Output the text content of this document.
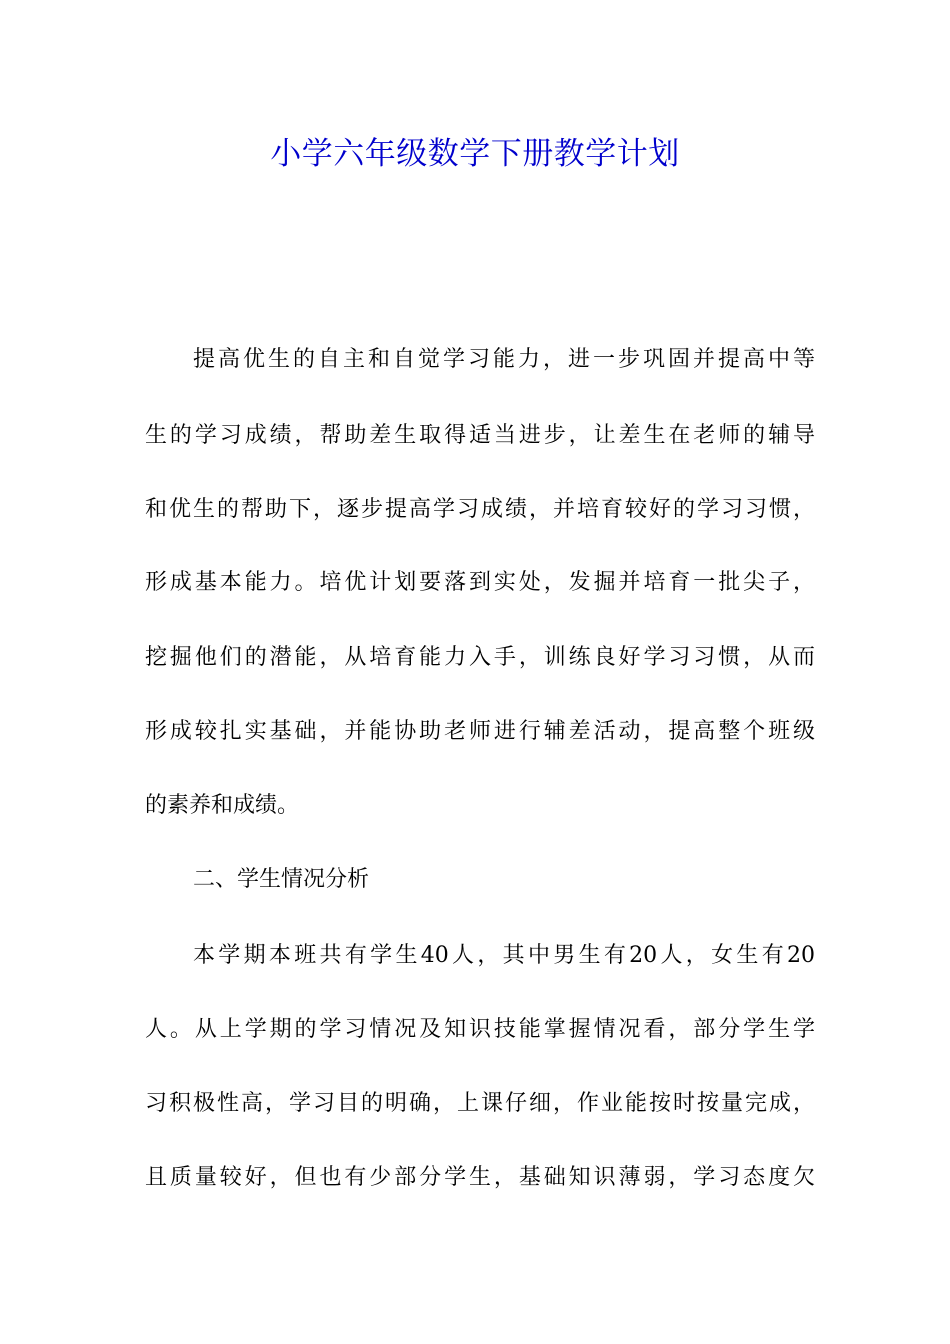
小学六年级数学下册教学计划

提高优生的自主和自觉学习能力，进一步巩固并提高中等

生的学习成绩，帮助差生取得适当进步，让差生在老师的辅导

和优生的帮助下，逐步提高学习成绩，并培育较好的学习习惯，

形成基本能力。培优计划要落到实处，发掘并培育一批尖子，

挖掘他们的潜能，从培育能力入手，训练良好学习习惯，从而

形成较扎实基础，并能协助老师进行辅差活动，提高整个班级

的素养和成绩。

二、学生情况分析

本学期本班共有学生40人，其中男生有20人，女生有20

人。从上学期的学习情况及知识技能掌握情况看，部分学生学

习积极性高，学习目的明确，上课仔细，作业能按时按量完成，

且质量较好，但也有少部分学生，基础知识薄弱，学习态度欠
